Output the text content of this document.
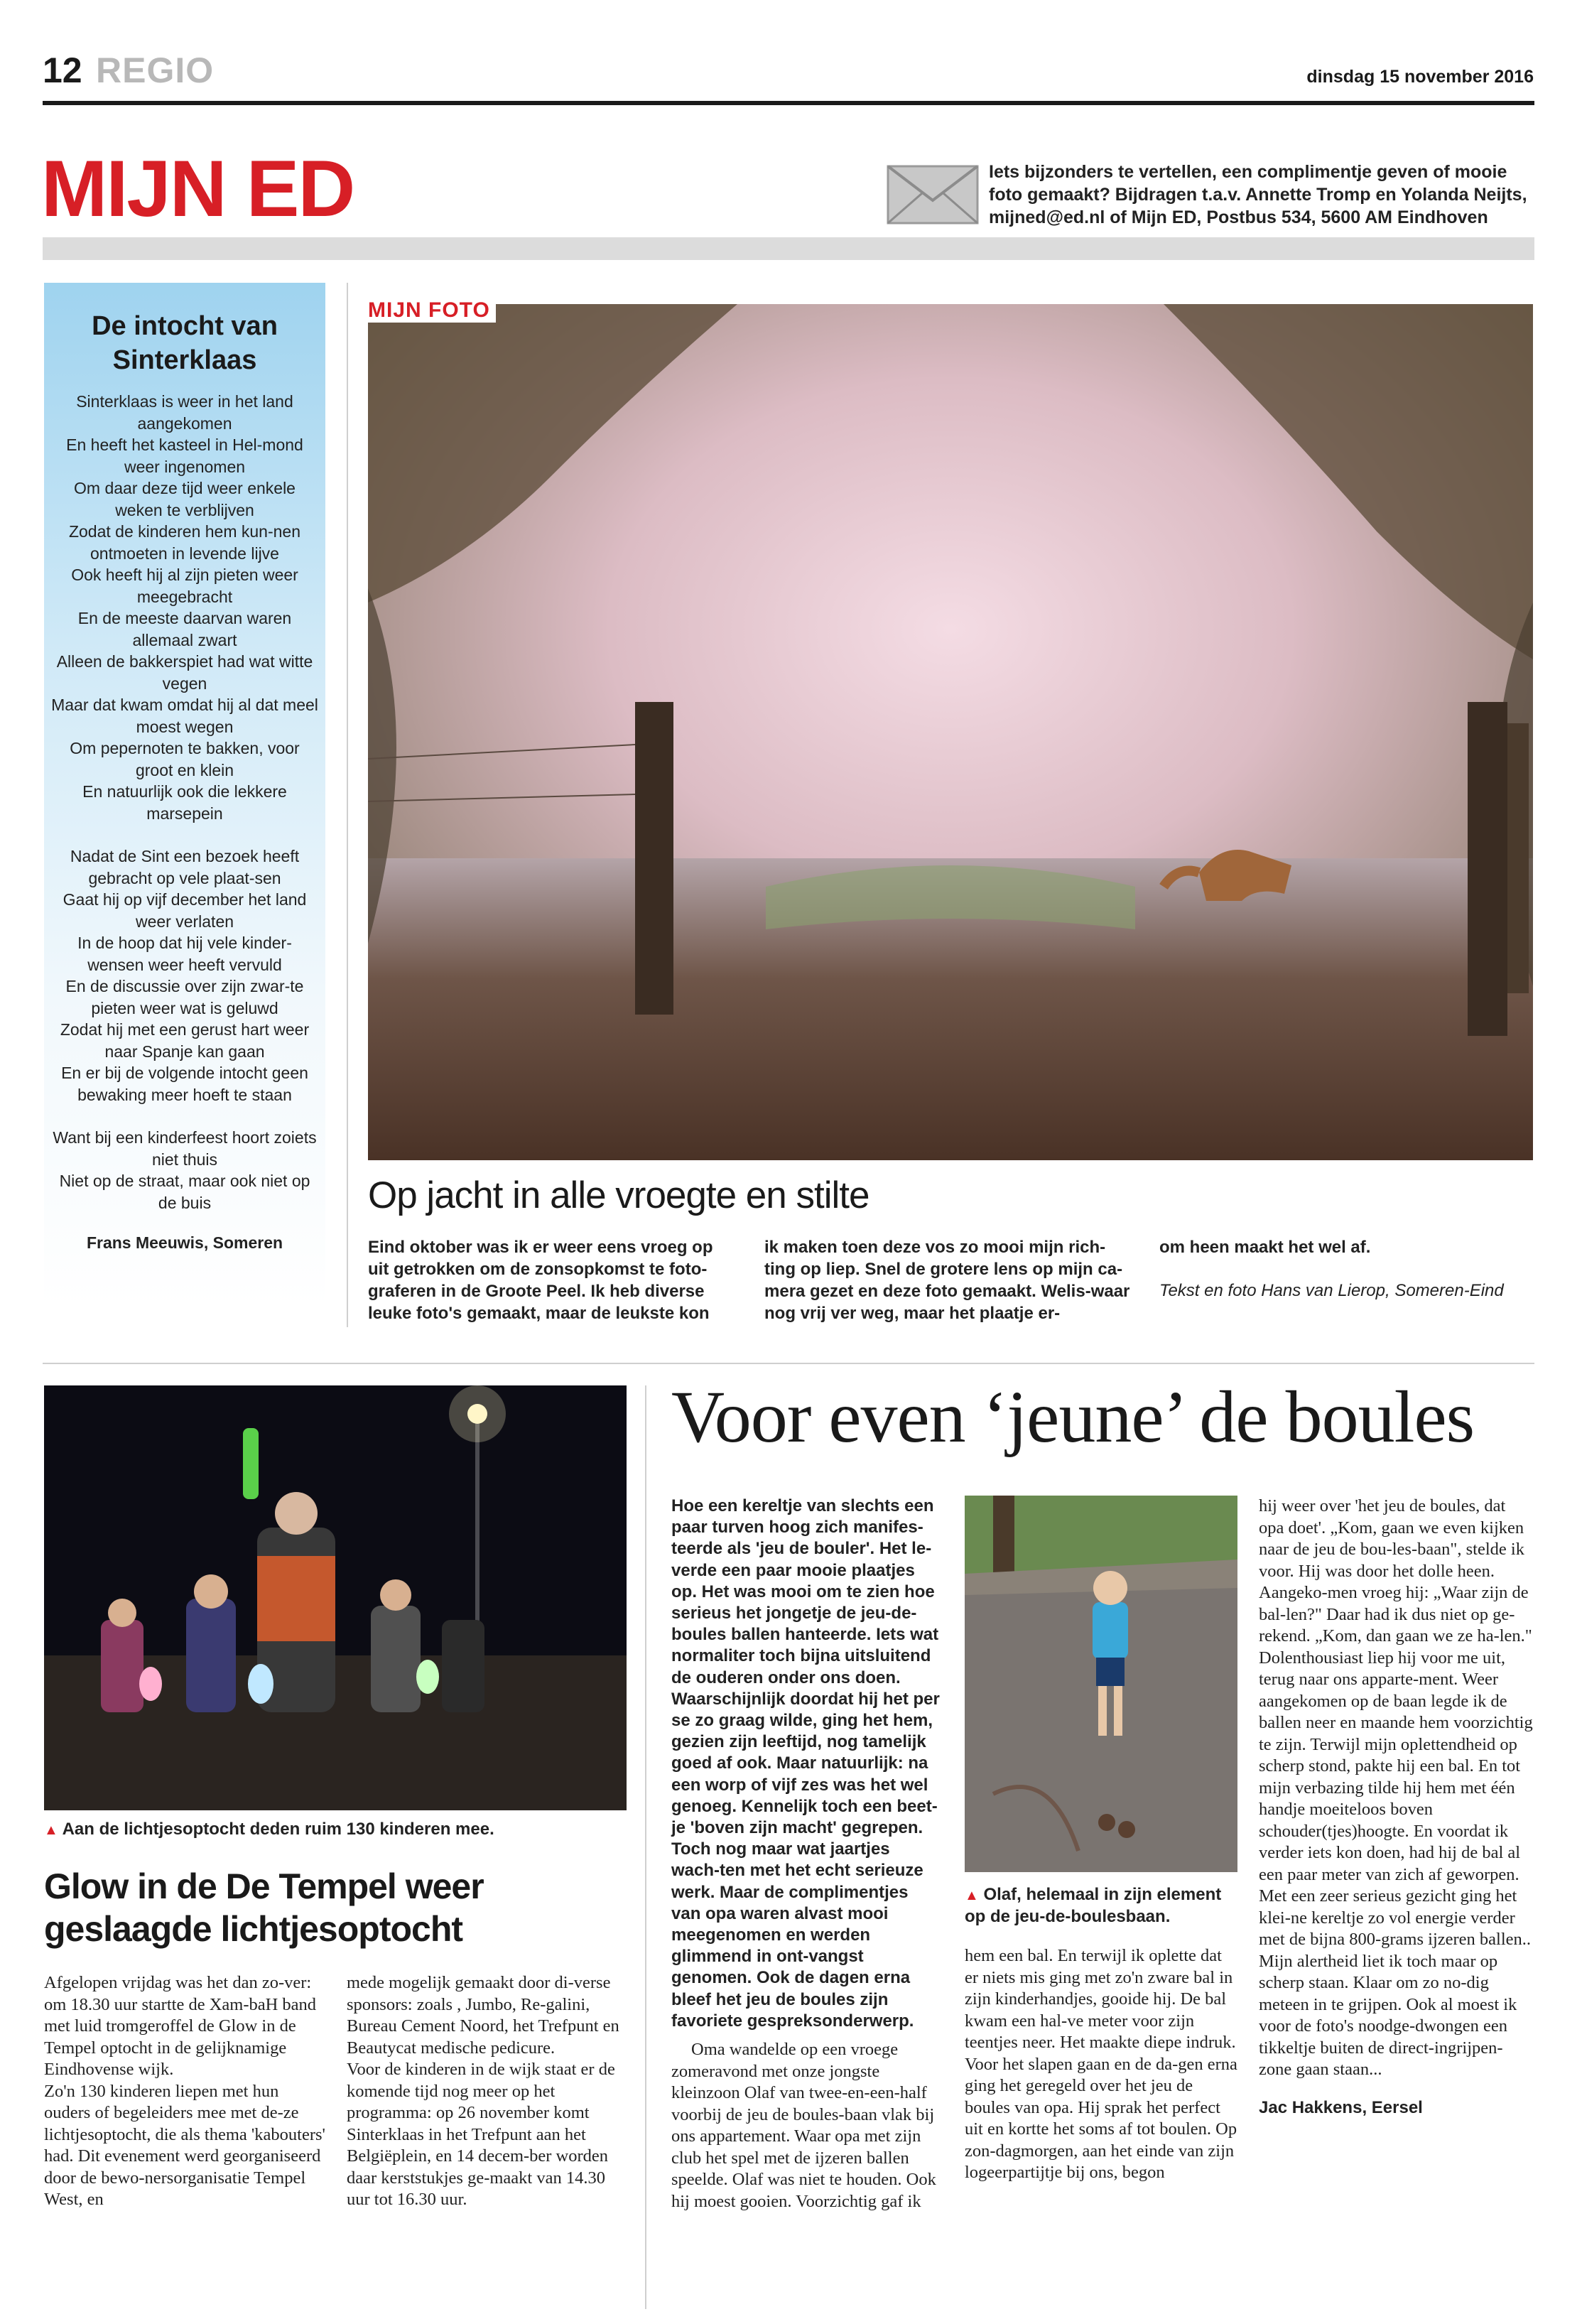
12 REGIO	dinsdag 15 november 2016
MIJN ED	Iets bijzonders te vertellen, een complimentje geven of mooie foto gemaakt? Bijdragen t.a.v. Annette Tromp en Yolanda Neijts, mijned@ed.nl of Mijn ED, Postbus 534, 5600 AM Eindhoven
De intocht van Sinterklaas
Sinterklaas is weer in het land aangekomen
En heeft het kasteel in Hel-mond weer ingenomen
Om daar deze tijd weer enkele weken te verblijven
Zodat de kinderen hem kun-nen ontmoeten in levende lijve
Ook heeft hij al zijn pieten weer meegebracht
En de meeste daarvan waren allemaal zwart
Alleen de bakkerspiet had wat witte vegen
Maar dat kwam omdat hij al dat meel moest wegen
Om pepernoten te bakken, voor groot en klein
En natuurlijk ook die lekkere marsepein
Nadat de Sint een bezoek heeft gebracht op vele plaat-sen
Gaat hij op vijf december het land weer verlaten
In de hoop dat hij vele kinder-wensen weer heeft vervuld
En de discussie over zijn zwar-te pieten weer wat is geluwd
Zodat hij met een gerust hart weer naar Spanje kan gaan
En er bij de volgende intocht geen bewaking meer hoeft te staan
Want bij een kinderfeest hoort zoiets niet thuis
Niet op de straat, maar ook niet op de buis
Frans Meeuwis, Someren
MIJN FOTO
Op jacht in alle vroegte en stilte
Eind oktober was ik er weer eens vroeg op uit getrokken om de zonsopkomst te foto-graferen in de Groote Peel. Ik heb diverse leuke foto's gemaakt, maar de leukste kon
ik maken toen deze vos zo mooi mijn rich-ting op liep. Snel de grotere lens op mijn ca-mera gezet en deze foto gemaakt. Welis-waar nog vrij ver weg, maar het plaatje er-
om heen maakt het wel af.
Tekst en foto Hans van Lierop, Someren-Eind
▲ Aan de lichtjesoptocht deden ruim 130 kinderen mee.
Glow in de De Tempel weer geslaagde lichtjesoptocht
Afgelopen vrijdag was het dan zo-ver: om 18.30 uur startte de Xam-baH band met luid tromgeroffel de Glow in de Tempel optocht in de gelijknamige Eindhovense wijk.
Zo'n 130 kinderen liepen met hun ouders of begeleiders mee met de-ze lichtjesoptocht, die als thema 'kabouters' had. Dit evenement werd georganiseerd door de bewo-nersorganisatie Tempel West, en
mede mogelijk gemaakt door di-verse sponsors: zoals , Jumbo, Re-galini, Bureau Cement Noord, het Trefpunt en Beautycat medische pedicure.
Voor de kinderen in de wijk staat er de komende tijd nog meer op het programma: op 26 november komt Sinterklaas in het Trefpunt aan het Belgiëplein, en 14 decem-ber worden daar kerststukjes ge-maakt van 14.30 uur tot 16.30 uur.
Voor even ‘jeune’ de boules
Hoe een kereltje van slechts een paar turven hoog zich manifes-teerde als 'jeu de bouler'. Het le-verde een paar mooie plaatjes op. Het was mooi om te zien hoe serieus het jongetje de jeu-de-boules ballen hanteerde. Iets wat normaliter toch bijna uitsluitend de ouderen onder ons doen. Waarschijnlijk doordat hij het per se zo graag wilde, ging het hem, gezien zijn leeftijd, nog tamelijk goed af ook. Maar natuurlijk: na een worp of vijf zes was het wel genoeg. Kennelijk toch een beet-je 'boven zijn macht' gegrepen. Toch nog maar wat jaartjes wach-ten met het echt serieuze werk. Maar de complimentjes van opa waren alvast mooi meegenomen en werden glimmend in ont-vangst genomen. Ook de dagen erna bleef het jeu de boules zijn favoriete gespreksonderwerp.
Oma wandelde op een vroege zomeravond met onze jongste kleinzoon Olaf van twee-en-een-half voorbij de jeu de boules-baan vlak bij ons appartement. Waar opa met zijn club het spel met de ijzeren ballen speelde. Olaf was niet te houden. Ook hij moest gooien. Voorzichtig gaf ik
▲ Olaf, helemaal in zijn element op de jeu-de-boulesbaan.
hem een bal. En terwijl ik oplette dat er niets mis ging met zo'n zware bal in zijn kinderhandjes, gooide hij. De bal kwam een hal-ve meter voor zijn teentjes neer. Het maakte diepe indruk.
Voor het slapen gaan en de da-gen erna ging het geregeld over het jeu de boules van opa. Hij sprak het perfect uit en kortte het soms af tot boulen. Op zon-dagmorgen, aan het einde van zijn logeerpartijtje bij ons, begon
hij weer over 'het jeu de boules, dat opa doet'. „Kom, gaan we even kijken naar de jeu de bou-les-baan", stelde ik voor. Hij was door het dolle heen. Aangeko-men vroeg hij: „Waar zijn de bal-len?" Daar had ik dus niet op ge-rekend. „Kom, dan gaan we ze ha-len." Dolenthousiast liep hij voor me uit, terug naar ons apparte-ment. Weer aangekomen op de baan legde ik de ballen neer en maande hem voorzichtig te zijn. Terwijl mijn oplettendheid op scherp stond, pakte hij een bal. En tot mijn verbazing tilde hij hem met één handje moeiteloos boven schouder(tjes)hoogte. En voordat ik verder iets kon doen, had hij de bal al een paar meter van zich af geworpen. Met een zeer serieus gezicht ging het klei-ne kereltje zo vol energie verder met de bijna 800-grams ijzeren ballen..
Mijn alertheid liet ik toch maar op scherp staan. Klaar om zo no-dig meteen in te grijpen. Ook al moest ik voor de foto's noodge-dwongen een tikkeltje buiten de direct-ingrijpen-zone gaan staan...
Jac Hakkens, Eersel
